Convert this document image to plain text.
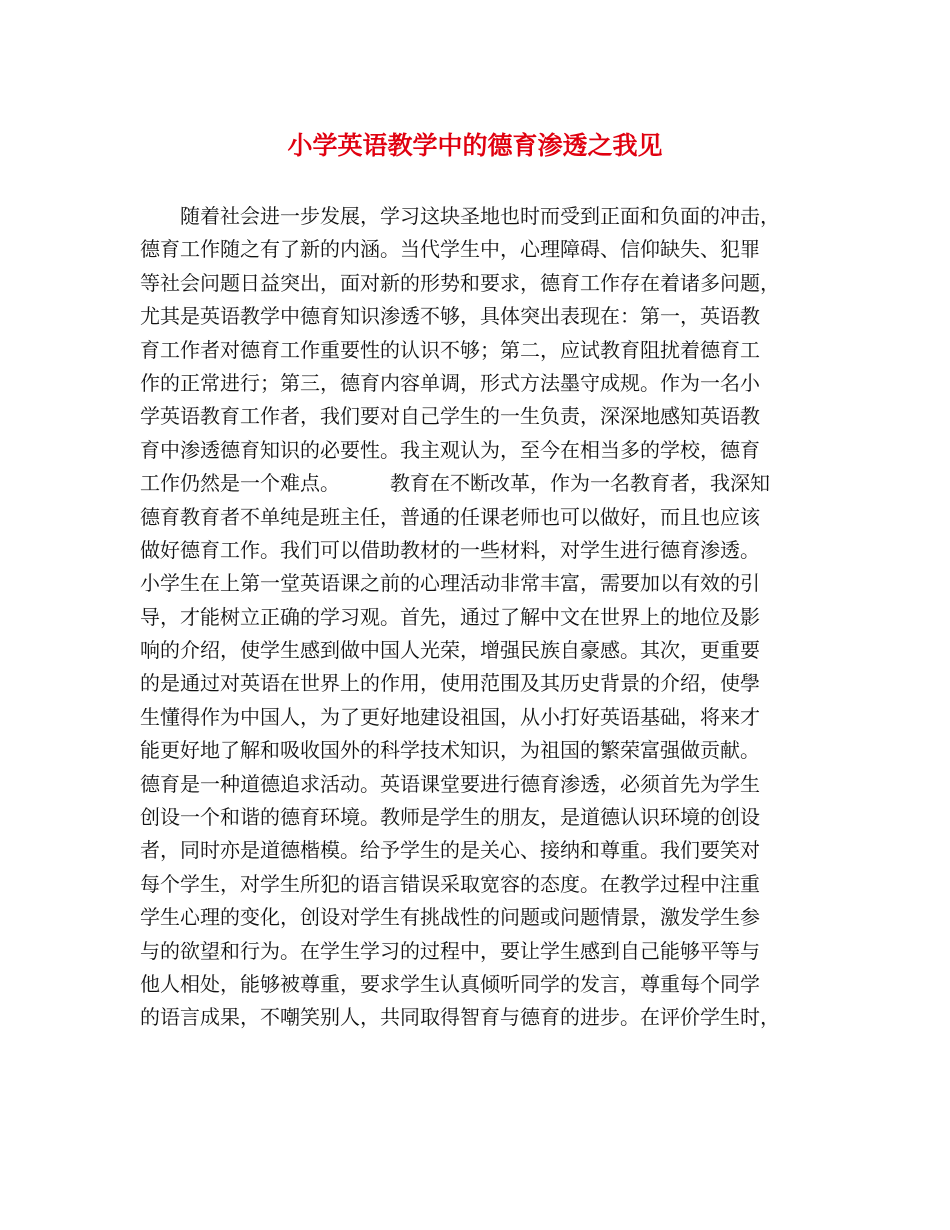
小学英语教学中的德育渗透之我见
　　随着社会进一步发展，学习这块圣地也时而受到正面和负面的冲击，
德育工作随之有了新的内涵。当代学生中，心理障碍、信仰缺失、犯罪
等社会问题日益突出，面对新的形势和要求，德育工作存在着诸多问题，
尤其是英语教学中德育知识渗透不够，具体突出表现在：第一，英语教
育工作者对德育工作重要性的认识不够；第二，应试教育阻扰着德育工
作的正常进行；第三，德育内容单调，形式方法墨守成规。作为一名小
学英语教育工作者，我们要对自己学生的一生负责，深深地感知英语教
育中渗透德育知识的必要性。我主观认为，至今在相当多的学校，德育
工作仍然是一个难点。　　　教育在不断改革，作为一名教育者，我深知
德育教育者不单纯是班主任，普通的任课老师也可以做好，而且也应该
做好德育工作。我们可以借助教材的一些材料，对学生进行德育渗透。
小学生在上第一堂英语课之前的心理活动非常丰富，需要加以有效的引
导，才能树立正确的学习观。首先，通过了解中文在世界上的地位及影
响的介绍，使学生感到做中国人光荣，增强民族自豪感。其次，更重要
的是通过对英语在世界上的作用，使用范围及其历史背景的介绍，使學
生懂得作为中国人，为了更好地建设祖国，从小打好英语基础，将来才
能更好地了解和吸收国外的科学技术知识，为祖国的繁荣富强做贡献。
德育是一种道德追求活动。英语课堂要进行德育渗透，必须首先为学生
创设一个和谐的德育环境。教师是学生的朋友，是道德认识环境的创设
者，同时亦是道德楷模。给予学生的是关心、接纳和尊重。我们要笑对
每个学生，对学生所犯的语言错误采取宽容的态度。在教学过程中注重
学生心理的变化，创设对学生有挑战性的问题或问题情景，激发学生参
与的欲望和行为。在学生学习的过程中，要让学生感到自己能够平等与
他人相处，能够被尊重，要求学生认真倾听同学的发言，尊重每个同学
的语言成果，不嘲笑别人，共同取得智育与德育的进步。在评价学生时，
